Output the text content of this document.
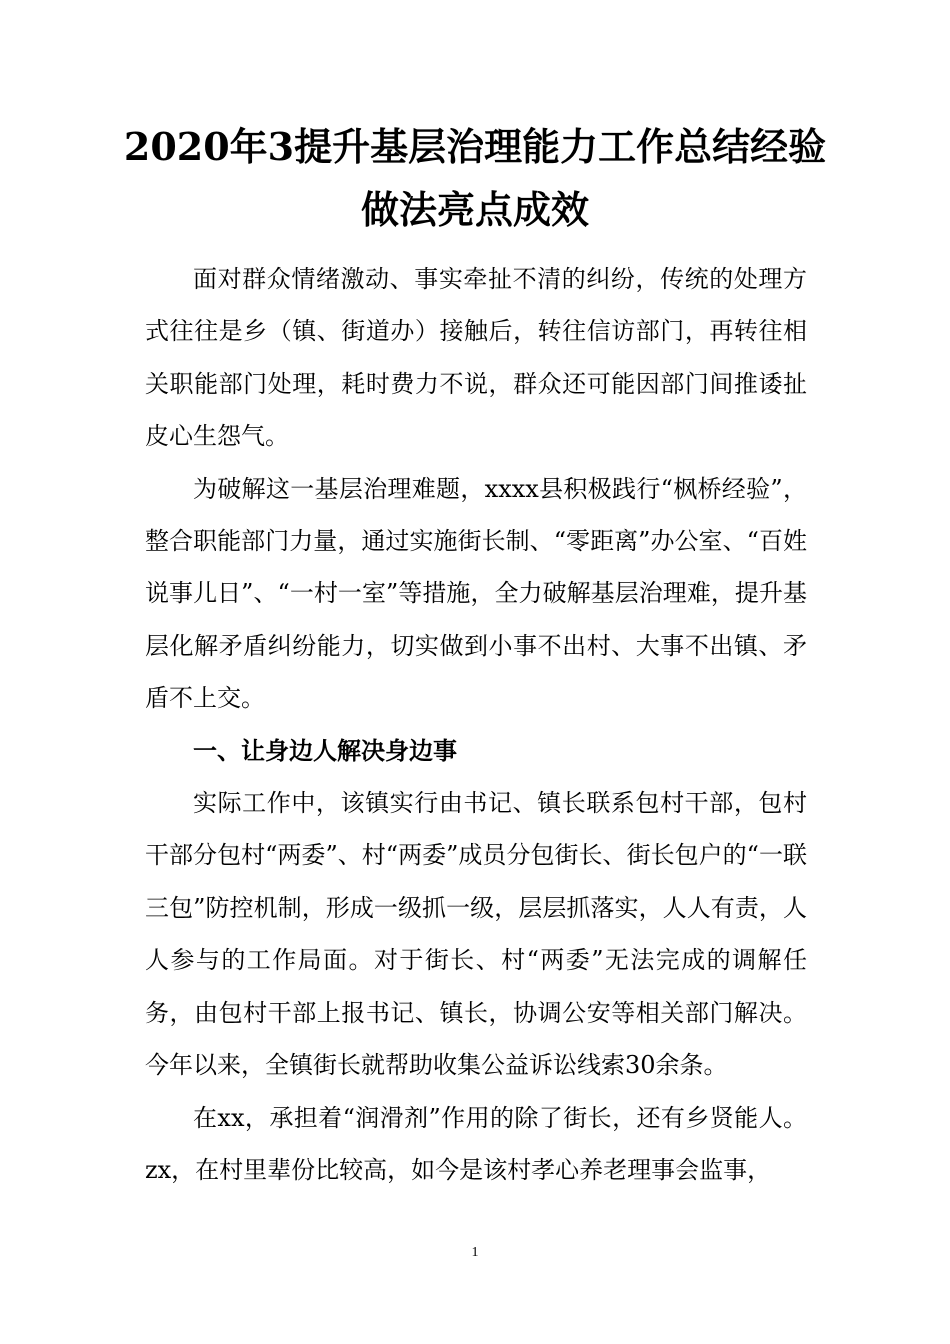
2020年3提升基层治理能力工作总结经验
做法亮点成效

面对群众情绪激动、事实牵扯不清的纠纷，传统的处理方式往往是乡（镇、街道办）接触后，转往信访部门，再转往相关职能部门处理，耗时费力不说，群众还可能因部门间推诿扯皮心生怨气。

为破解这一基层治理难题，xxxx县积极践行“枫桥经验”，整合职能部门力量，通过实施街长制、“零距离”办公室、“百姓说事儿日”、“一村一室”等措施，全力破解基层治理难，提升基层化解矛盾纠纷能力，切实做到小事不出村、大事不出镇、矛盾不上交。

一、让身边人解决身边事

实际工作中，该镇实行由书记、镇长联系包村干部，包村干部分包村“两委”、村“两委”成员分包街长、街长包户的“一联三包”防控机制，形成一级抓一级，层层抓落实，人人有责，人人参与的工作局面。对于街长、村“两委”无法完成的调解任务，由包村干部上报书记、镇长，协调公安等相关部门解决。今年以来，全镇街长就帮助收集公益诉讼线索30余条。

在xx，承担着“润滑剂”作用的除了街长，还有乡贤能人。zx，在村里辈份比较高，如今是该村孝心养老理事会监事，

1
